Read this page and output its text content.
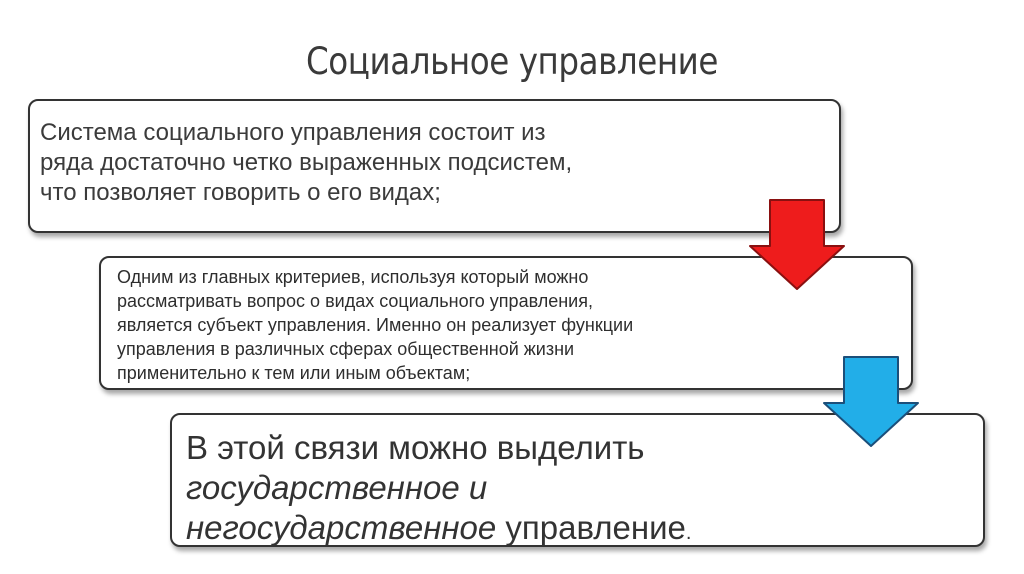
Социальное управление
Система социального управления состоит из
ряда достаточно четко выраженных подсистем,
что позволяет говорить о его видах;
Одним из главных критериев, используя который можно
рассматривать вопрос о видах социального управления,
является субъект управления. Именно он реализует функции
управления в различных сферах общественной жизни
применительно к тем или иным объектам;
В этой связи можно выделить
государственное и
негосударственное управление.
